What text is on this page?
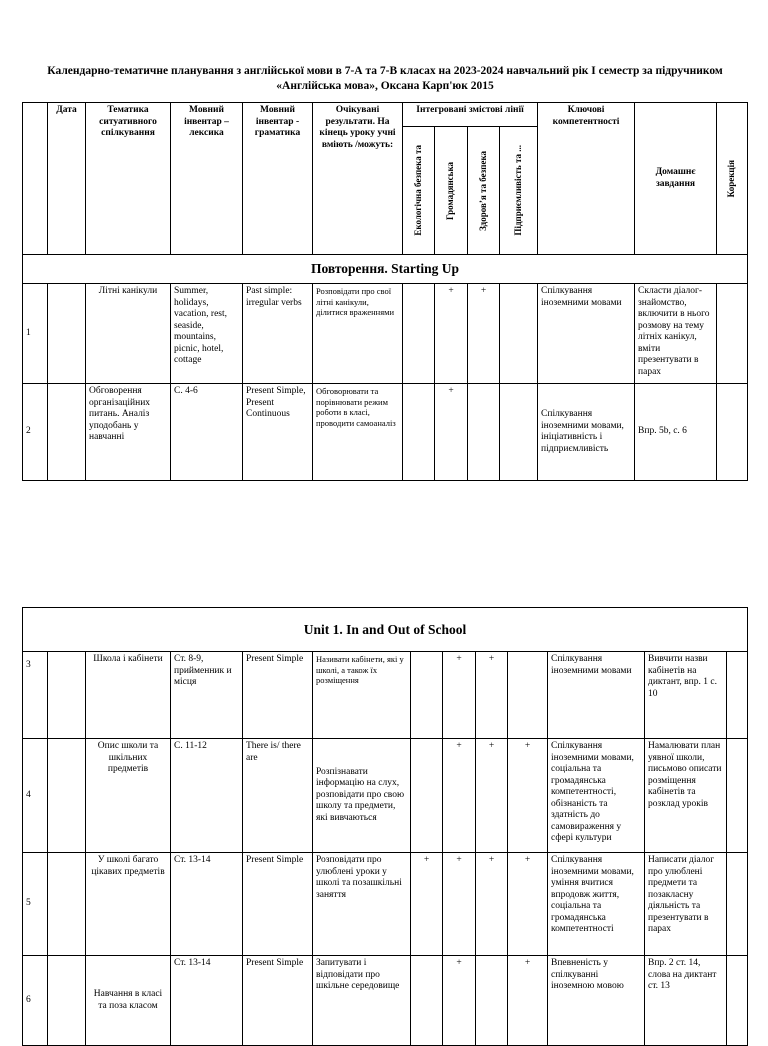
Календарно-тематичне планування з англійської мови в 7-А та 7-В класах на 2023-2024 навчальний рік І семестр за підручником «Англійська мова», Оксана Карп'юк 2015
	Дата	Тематика ситуативного спілкування	Мовний інвентар – лексика	Мовний інвентар - граматика	Очікувані результати. На кінець уроку учні вміють /можуть:	Інтегровані змістові лінії				Ключові компетентності	Домашнє завдання	Корекція

						Екологічна безпека та	Громадянська	Здоров’я та безпека	Підприємливість та ...			

Повторення. Starting Up												
1		Літні канікули	Summer, holidays, vacation, rest, seaside, mountains, picnic, hotel, cottage	Past simple: irregular verbs	Розповідати про свої літні канікули, ділитися враженнями		+	+		Спілкування іноземними мовами	Скласти діалог-знайомство, включити в нього розмову на тему літніх канікул, вміти презентувати в парах	
2		Обговорення організаційних питань. Аналіз уподобань у навчанні	С. 4-6	Present Simple, Present Continuous	Обговорювати та порівнювати режим роботи в класі, проводити самоаналіз		+			Спілкування іноземними мовами, ініціативність і підприємливість	Впр. 5b, с. 6	
Unit 1. In and Out of School												
3		Школа і кабінети	Ст. 8-9, прийменник и місця	Present Simple	Називати кабінети, які у школі, а також їх розміщення		+	+		Спілкування іноземними мовами	Вивчити назви кабінетів на диктант, впр. 1 с. 10	
4		Опис школи та шкільних предметів	С. 11-12	There is/ there are	Розпізнавати інформацію на слух, розповідати про свою школу та предмети, які вивчаються		+	+	+	Спілкування іноземними мовами, соціальна та громадянська компетентності, обізнаність та здатність до самовираження у сфері культури	Намалювати план уявної школи, письмово описати розміщення кабінетів та розклад уроків	
5		У школі багато цікавих предметів	Ст. 13-14	Present Simple	Розповідати про улюблені уроки у школі та позашкільні заняття	+	+	+	+	Спілкування іноземними мовами, уміння вчитися впродовж життя, соціальна та громадянська компетентності	Написати діалог про улюблені предмети та позакласну діяльність та презентувати в парах	
6		Навчання в класі та поза класом	Ст. 13-14	Present Simple	Запитувати і відповідати про шкільне середовище		+		+	Впевненість у спілкуванні іноземною мовою	Впр. 2 ст. 14, слова на диктант ст. 13	
